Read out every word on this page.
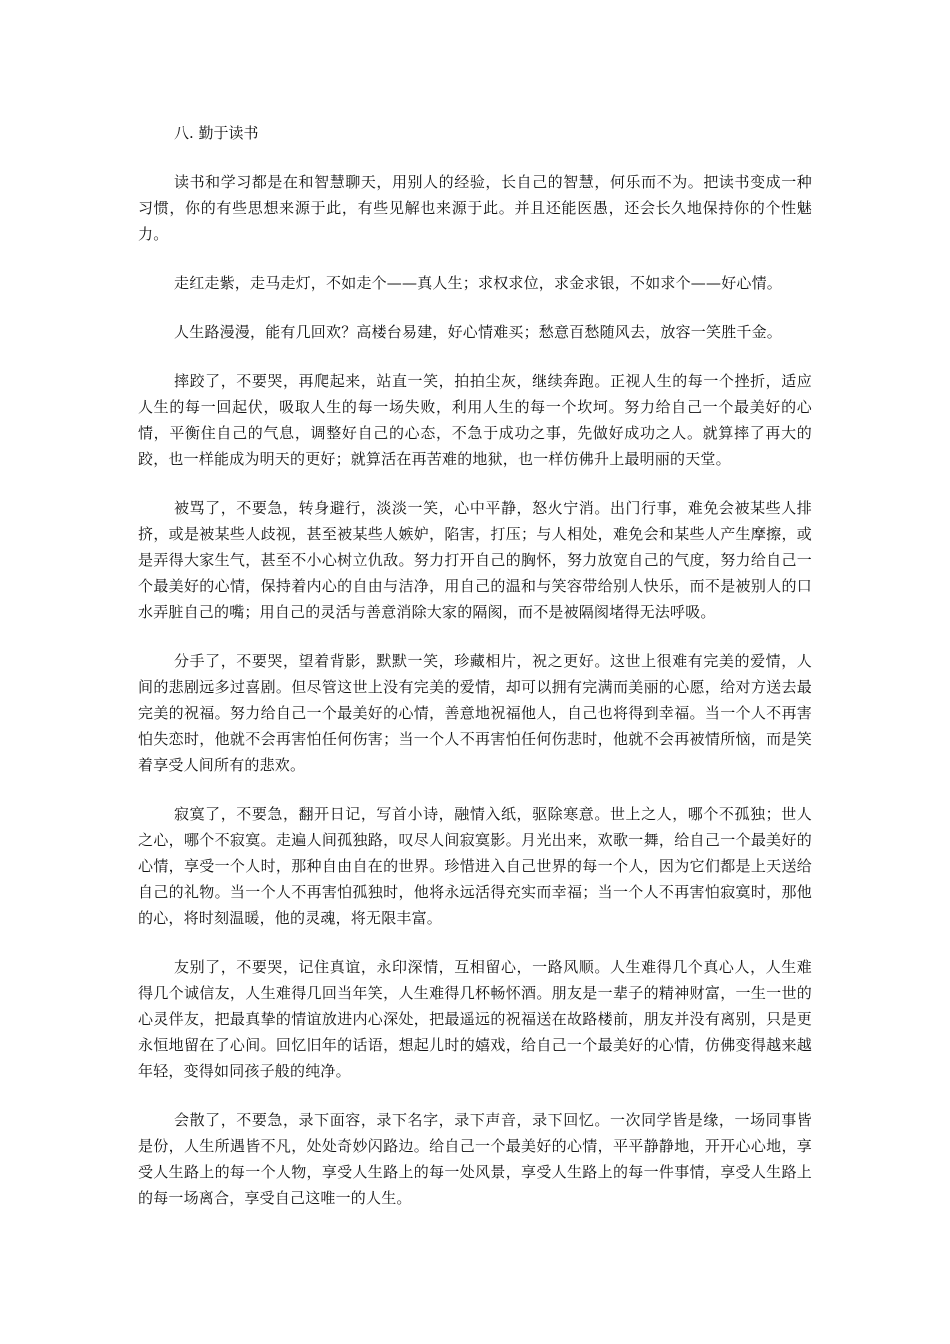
八. 勤于读书

读书和学习都是在和智慧聊天，用别人的经验，长自己的智慧，何乐而不为。把读书变成一种习惯，你的有些思想来源于此，有些见解也来源于此。并且还能医愚，还会长久地保持你的个性魅力。

走红走紫，走马走灯，不如走个——真人生；求权求位，求金求银，不如求个——好心情。

人生路漫漫，能有几回欢？高楼台易建，好心情难买；愁意百愁随风去，放容一笑胜千金。

摔跤了，不要哭，再爬起来，站直一笑，拍拍尘灰，继续奔跑。正视人生的每一个挫折，适应人生的每一回起伏，吸取人生的每一场失败，利用人生的每一个坎坷。努力给自己一个最美好的心情，平衡住自己的气息，调整好自己的心态，不急于成功之事，先做好成功之人。就算摔了再大的跤，也一样能成为明天的更好；就算活在再苦难的地狱，也一样仿佛升上最明丽的天堂。

被骂了，不要急，转身避行，淡淡一笑，心中平静，怒火宁消。出门行事，难免会被某些人排挤，或是被某些人歧视，甚至被某些人嫉妒，陷害，打压；与人相处，难免会和某些人产生摩擦，或是弄得大家生气，甚至不小心树立仇敌。努力打开自己的胸怀，努力放宽自己的气度，努力给自己一个最美好的心情，保持着内心的自由与洁净，用自己的温和与笑容带给别人快乐，而不是被别人的口水弄脏自己的嘴；用自己的灵活与善意消除大家的隔阂，而不是被隔阂堵得无法呼吸。

分手了，不要哭，望着背影，默默一笑，珍藏相片，祝之更好。这世上很难有完美的爱情，人间的悲剧远多过喜剧。但尽管这世上没有完美的爱情，却可以拥有完满而美丽的心愿，给对方送去最完美的祝福。努力给自己一个最美好的心情，善意地祝福他人，自己也将得到幸福。当一个人不再害怕失恋时，他就不会再害怕任何伤害；当一个人不再害怕任何伤悲时，他就不会再被情所恼，而是笑着享受人间所有的悲欢。

寂寞了，不要急，翻开日记，写首小诗，融情入纸，驱除寒意。世上之人，哪个不孤独；世人之心，哪个不寂寞。走遍人间孤独路，叹尽人间寂寞影。月光出来，欢歌一舞，给自己一个最美好的心情，享受一个人时，那种自由自在的世界。珍惜进入自己世界的每一个人，因为它们都是上天送给自己的礼物。当一个人不再害怕孤独时，他将永远活得充实而幸福；当一个人不再害怕寂寞时，那他的心，将时刻温暖，他的灵魂，将无限丰富。

友别了，不要哭，记住真谊，永印深情，互相留心，一路风顺。人生难得几个真心人，人生难得几个诚信友，人生难得几回当年笑，人生难得几杯畅怀酒。朋友是一辈子的精神财富，一生一世的心灵伴友，把最真挚的情谊放进内心深处，把最遥远的祝福送在故路楼前，朋友并没有离别，只是更永恒地留在了心间。回忆旧年的话语，想起儿时的嬉戏，给自己一个最美好的心情，仿佛变得越来越年轻，变得如同孩子般的纯净。

会散了，不要急，录下面容，录下名字，录下声音，录下回忆。一次同学皆是缘，一场同事皆是份，人生所遇皆不凡，处处奇妙闪路边。给自己一个最美好的心情，平平静静地，开开心心地，享受人生路上的每一个人物，享受人生路上的每一处风景，享受人生路上的每一件事情，享受人生路上的每一场离合，享受自己这唯一的人生。
